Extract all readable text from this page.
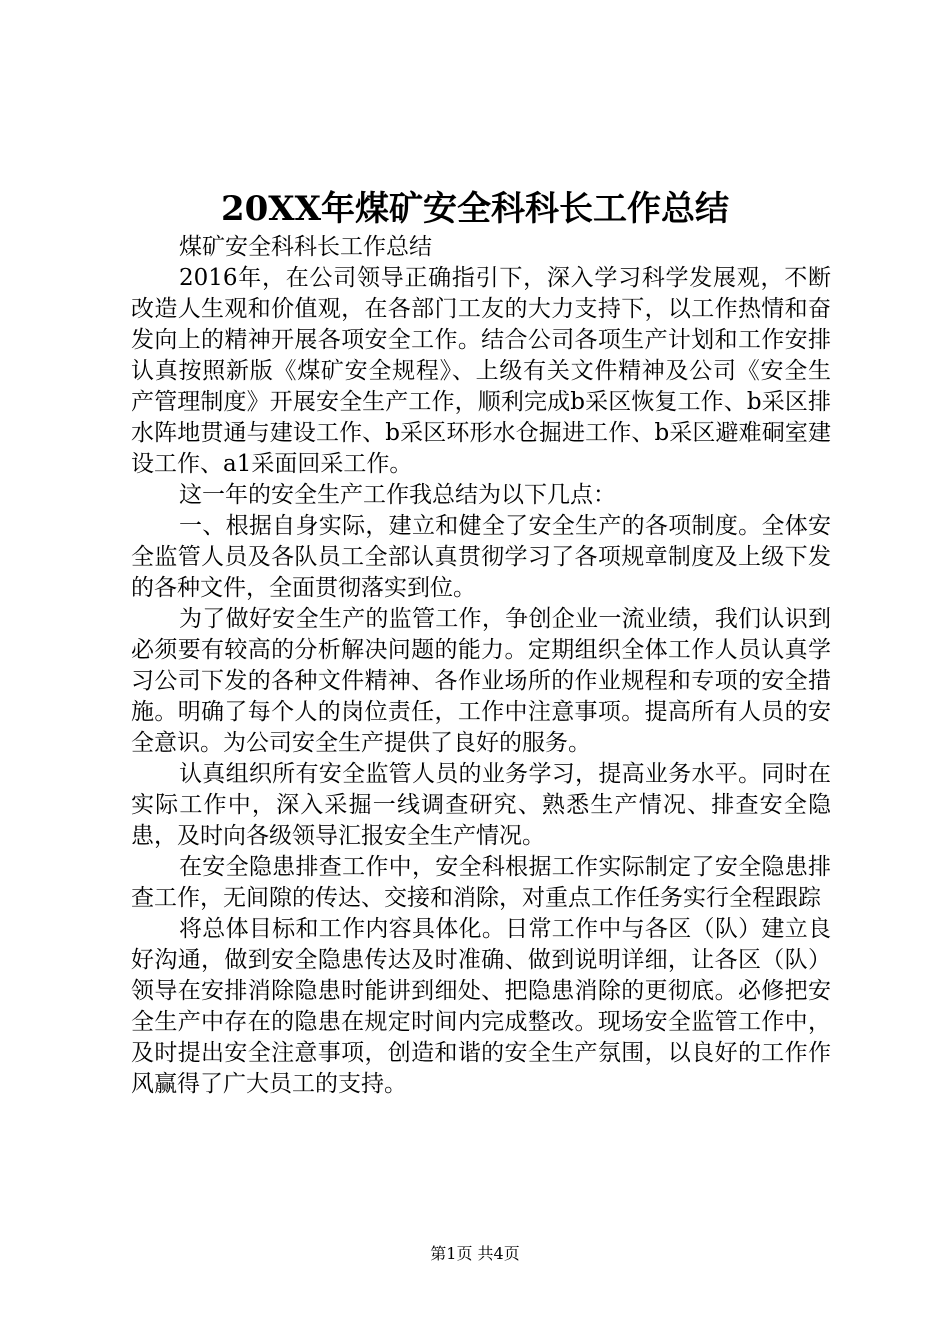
20XX年煤矿安全科科长工作总结

煤矿安全科科长工作总结

2016年，在公司领导正确指引下，深入学习科学发展观，不断改造人生观和价值观，在各部门工友的大力支持下，以工作热情和奋发向上的精神开展各项安全工作。结合公司各项生产计划和工作安排认真按照新版《煤矿安全规程》、上级有关文件精神及公司《安全生产管理制度》开展安全生产工作，顺利完成b采区恢复工作、b采区排水阵地贯通与建设工作、b采区环形水仓掘进工作、b采区避难硐室建设工作、a1采面回采工作。

这一年的安全生产工作我总结为以下几点：

一、根据自身实际，建立和健全了安全生产的各项制度。全体安全监管人员及各队员工全部认真贯彻学习了各项规章制度及上级下发的各种文件，全面贯彻落实到位。

为了做好安全生产的监管工作，争创企业一流业绩，我们认识到必须要有较高的分析解决问题的能力。定期组织全体工作人员认真学习公司下发的各种文件精神、各作业场所的作业规程和专项的安全措施。明确了每个人的岗位责任，工作中注意事项。提高所有人员的安全意识。为公司安全生产提供了良好的服务。

认真组织所有安全监管人员的业务学习，提高业务水平。同时在实际工作中，深入采掘一线调查研究、熟悉生产情况、排查安全隐患，及时向各级领导汇报安全生产情况。

在安全隐患排查工作中，安全科根据工作实际制定了安全隐患排查工作，无间隙的传达、交接和消除，对重点工作任务实行全程跟踪

将总体目标和工作内容具体化。日常工作中与各区（队）建立良好沟通，做到安全隐患传达及时准确、做到说明详细，让各区（队）领导在安排消除隐患时能讲到细处、把隐患消除的更彻底。必修把安全生产中存在的隐患在规定时间内完成整改。现场安全监管工作中，及时提出安全注意事项，创造和谐的安全生产氛围，以良好的工作作风赢得了广大员工的支持。

第1页 共4页
